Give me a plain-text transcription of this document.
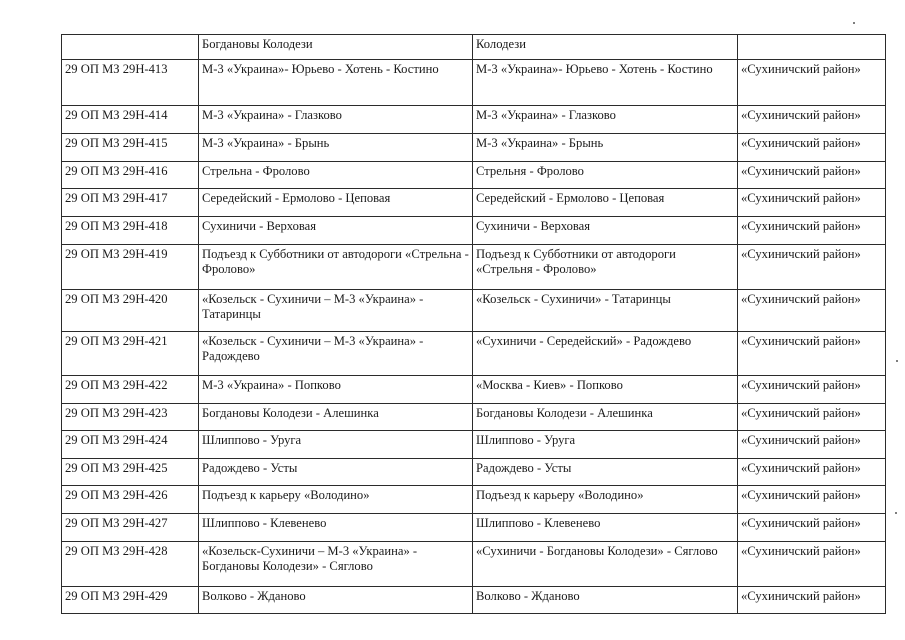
	Богдановы Колодези	Колодези	
29 ОП МЗ 29Н-413	М-3 «Украина»- Юрьево - Хотень - Костино	М-3 «Украина»- Юрьево - Хотень - Костино	«Сухиничский район»
29 ОП МЗ 29Н-414	М-3 «Украина» - Глазково	М-3 «Украина» - Глазково	«Сухиничский район»
29 ОП МЗ 29Н-415	М-3 «Украина» - Брынь	М-3 «Украина» - Брынь	«Сухиничский район»
29 ОП МЗ 29Н-416	Стрельна - Фролово	Стрельня - Фролово	«Сухиничский район»
29 ОП МЗ 29Н-417	Середейский - Ермолово - Цеповая	Середейский - Ермолово - Цеповая	«Сухиничский район»
29 ОП МЗ 29Н-418	Сухиничи - Верховая	Сухиничи - Верховая	«Сухиничский район»
29 ОП МЗ 29Н-419	Подъезд к Субботники от автодороги «Стрельна - Фролово»	Подъезд к Субботники от автодороги «Стрельня - Фролово»	«Сухиничский район»
29 ОП МЗ 29Н-420	«Козельск - Сухиничи – М-3 «Украина» - Татаринцы	«Козельск - Сухиничи» - Татаринцы	«Сухиничский район»
29 ОП МЗ 29Н-421	«Козельск - Сухиничи – М-3 «Украина» - Радождево	«Сухиничи - Середейский» - Радождево	«Сухиничский район»
29 ОП МЗ 29Н-422	М-3 «Украина» - Попково	«Москва - Киев» - Попково	«Сухиничский район»
29 ОП МЗ 29Н-423	Богдановы Колодези - Алешинка	Богдановы Колодези - Алешинка	«Сухиничский район»
29 ОП МЗ 29Н-424	Шлиппово - Уруга	Шлиппово - Уруга	«Сухиничский район»
29 ОП МЗ 29Н-425	Радождево - Усты	Радождево - Усты	«Сухиничский район»
29 ОП МЗ 29Н-426	Подъезд к карьеру «Володино»	Подъезд к карьеру «Володино»	«Сухиничский район»
29 ОП МЗ 29Н-427	Шлиппово - Клевенево	Шлиппово - Клевенево	«Сухиничский район»
29 ОП МЗ 29Н-428	«Козельск-Сухиничи – М-3 «Украина» - Богдановы Колодези» - Сяглово	«Сухиничи - Богдановы Колодези» - Сяглово	«Сухиничский район»
29 ОП МЗ 29Н-429	Волково - Жданово	Волково - Жданово	«Сухиничский район»
